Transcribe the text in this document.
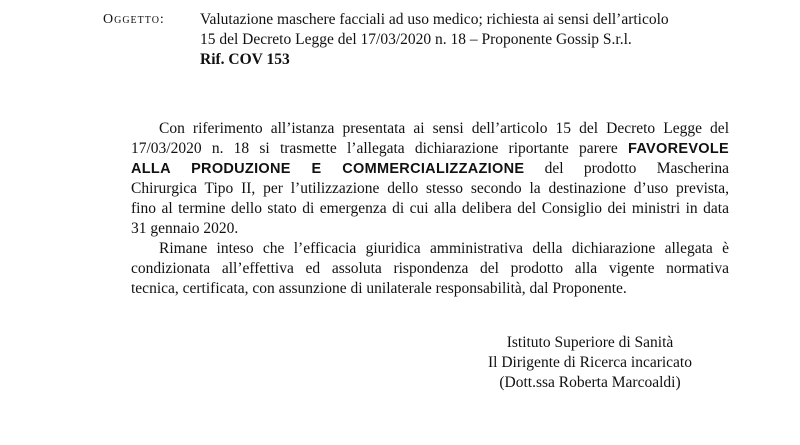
Oggetto: Valutazione maschere facciali ad uso medico; richiesta ai sensi dell’articolo
15 del Decreto Legge del 17/03/2020 n. 18 – Proponente Gossip S.r.l.
Rif. COV 153
Con riferimento all’istanza presentata ai sensi dell’articolo 15 del Decreto Legge del
17/03/2020 n. 18 si trasmette l’allegata dichiarazione riportante parere FAVOREVOLE
ALLA PRODUZIONE E COMMERCIALIZZAZIONE del prodotto Mascherina
Chirurgica Tipo II, per l’utilizzazione dello stesso secondo la destinazione d’uso prevista,
fino al termine dello stato di emergenza di cui alla delibera del Consiglio dei ministri in data
31 gennaio 2020.
Rimane inteso che l’efficacia giuridica amministrativa della dichiarazione allegata è
condizionata all’effettiva ed assoluta rispondenza del prodotto alla vigente normativa
tecnica, certificata, con assunzione di unilaterale responsabilità, dal Proponente.
Istituto Superiore di Sanità
Il Dirigente di Ricerca incaricato
(Dott.ssa Roberta Marcoaldi)
